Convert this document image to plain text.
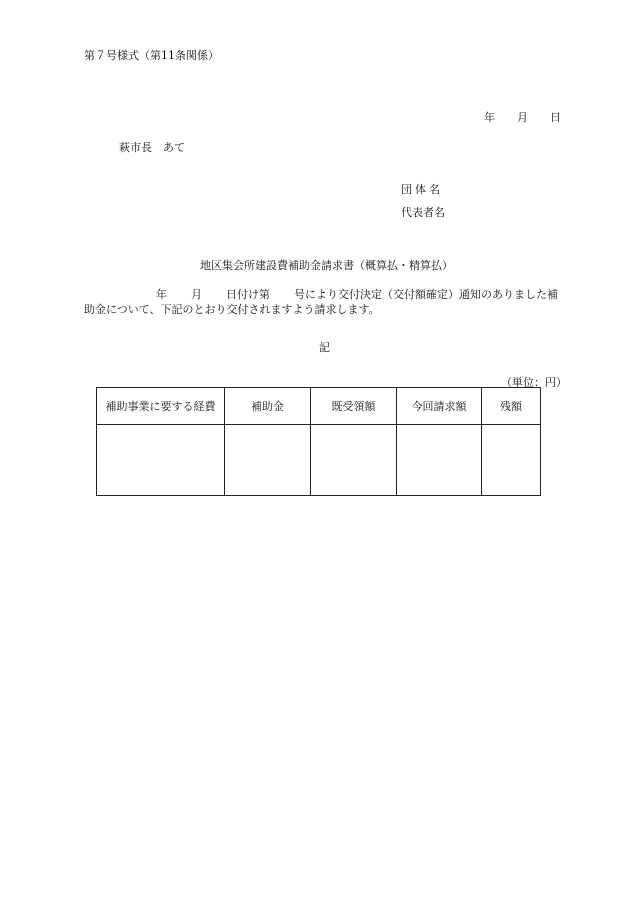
第７号様式（第11条関係）
年 月 日
萩市長　あて
団体名
代表者名
地区集会所建設費補助金請求書（概算払・精算払）
年 月 日付け第 号により交付決定（交付額確定）通知のありました補
助金について、下記のとおり交付されますよう請求します。
記
（単位：円）
補助事業に要する経費	補助金	既受領額	今回請求額	残額
